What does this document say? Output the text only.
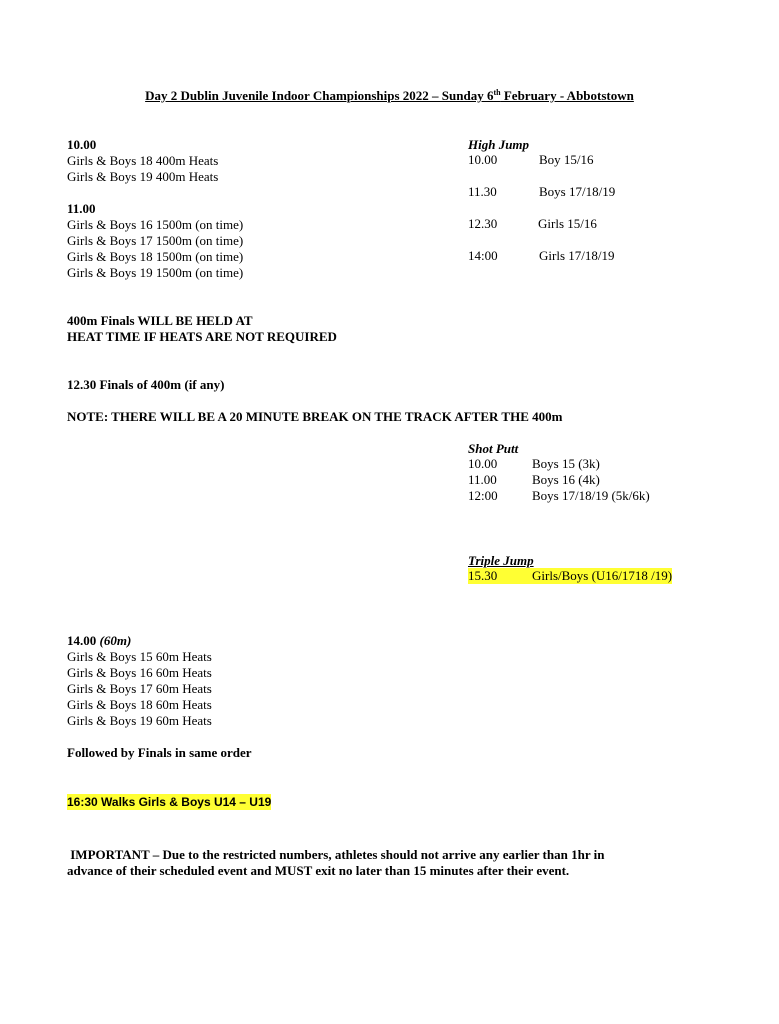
Day 2 Dublin Juvenile Indoor Championships 2022 – Sunday 6th February - Abbotstown
10.00
Girls & Boys 18 400m Heats
Girls & Boys 19 400m Heats
11.00
Girls & Boys 16 1500m (on time)
Girls & Boys 17 1500m (on time)
Girls & Boys 18 1500m (on time)
Girls & Boys 19 1500m (on time)
400m Finals WILL BE HELD AT
HEAT TIME IF HEATS ARE NOT REQUIRED
12.30 Finals of 400m (if any)
NOTE: THERE WILL BE A 20 MINUTE BREAK ON THE TRACK AFTER THE 400m
14.00 (60m)
Girls & Boys 15 60m Heats
Girls & Boys 16 60m Heats
Girls & Boys 17 60m Heats
Girls & Boys 18 60m Heats
Girls & Boys 19 60m Heats
Followed by Finals in same order
16:30 Walks Girls & Boys U14 – U19
IMPORTANT – Due to the restricted numbers, athletes should not arrive any earlier than 1hr in
advance of their scheduled event and MUST exit no later than 15 minutes after their event.
High Jump
10.00	Boy 15/16
11.30	Boys 17/18/19
12.30	Girls 15/16
14:00	Girls 17/18/19
Shot Putt
10.00	Boys 15 (3k)
11.00	Boys 16 (4k)
12:00	Boys 17/18/19 (5k/6k)
Triple Jump
15.30	Girls/Boys (U16/1718 /19)
